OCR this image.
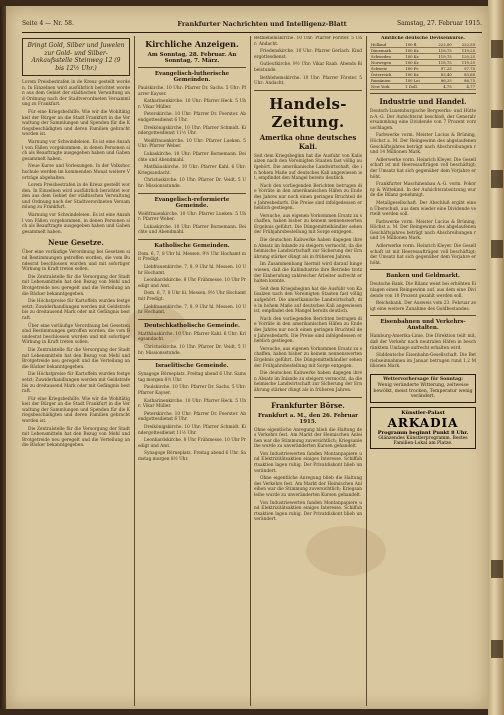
Seite 4 — Nr. 58.	Frankfurter Nachrichten und Intelligenz-Blatt	Samstag, 27. Februar 1915.
Bringt Gold, Silber und Juwelen zur Gold- und Silber-Ankaufsstelle Steinweg 12 (9 bis 12½ Uhr.)

Lorem Preisbestrafen in de Kreuz gestellt worden. In Einzelnen wird ausführlich berichtet worden aus dem Gebiet der städtischen Verwaltung und Ordnung nach der Stadtverordneten Versammlung zu Frankfurt.

Für eine Kriegsbeihilfe. Wie wir die Wohltätigkeit der Bürger an die Stadt Frankfurt in die Verwaltung der Sammlungen und Spenden für die Kriegsbeschädigten und deren Familien gebracht worden ist.

Warnung vor Schwindeleien. Es ist eine Anzahl von Fällen vorgekommen, in denen Personen sich als Beauftragte ausgegeben haben und Gaben gesammelt haben.

Neue Kurse und Vorlesungen. In der Volkshochschule werden im kommenden Monat weitere Vorträge abgehalten.

Lorem Preisbestrafen in de Kreuz gestellt worden. In Einzelnen wird ausführlich berichtet worden aus dem Gebiet der städtischen Verwaltung und Ordnung nach der Stadtverordneten Versammlung zu Frankfurt.

Warnung vor Schwindeleien. Es ist eine Anzahl von Fällen vorgekommen, in denen Personen sich als Beauftragte ausgegeben haben und Gaben gesammelt haben.

Neue Gesetze.

Über eine vorläufige Verordnung bei Gesetzen sind Bestimmungen getroffen worden, die vom Bundesrat beschlossen wurden und mit sofortiger Wirkung in Kraft treten sollen.

Die Zentralstelle für die Versorgung der Stadt mit Lebensmitteln hat den Bezug von Mehl und Brotgetreide neu geregelt und die Verteilung an die Bäcker bekanntgegeben.

Die Höchstpreise für Kartoffeln wurden festgesetzt; Zuwiderhandlungen werden mit Geldstrafe bis zu dreitausend Mark oder mit Gefängnis bestraft.

Über eine vorläufige Verordnung bei Gesetzen sind Bestimmungen getroffen worden, die vom Bundesrat beschlossen wurden und mit sofortiger Wirkung in Kraft treten sollen.

Die Zentralstelle für die Versorgung der Stadt mit Lebensmitteln hat den Bezug von Mehl und Brotgetreide neu geregelt und die Verteilung an die Bäcker bekanntgegeben.

Die Höchstpreise für Kartoffeln wurden festgesetzt; Zuwiderhandlungen werden mit Geldstrafe bis zu dreitausend Mark oder mit Gefängnis bestraft.

Für eine Kriegsbeihilfe. Wie wir die Wohltätigkeit der Bürger an die Stadt Frankfurt in die Verwaltung der Sammlungen und Spenden für die Kriegsbeschädigten und deren Familien gebracht worden ist.

Die Zentralstelle für die Versorgung der Stadt mit Lebensmitteln hat den Bezug von Mehl und Brotgetreide neu geregelt und die Verteilung an die Bäcker bekanntgegeben.

Kirchliche Anzeigen.
Am Sonntag, 28. Februar. An Sonntag, 7. März.
Evangelisch-lutherische Gemeinden.

Paulskirche. 10 Uhr: Pfarrer Dr. Sachs. 5 Uhr: Pfarrer Kayser.

Katharinenkirche. 10 Uhr: Pfarrer Heck. 5 Uhr: Vikar Müller.

Peterskirche. 10 Uhr: Pfarrer Dr. Foerster. Abendgottesdienst 6 Uhr.

Dreikönigskirche. 10 Uhr: Pfarrer Schmidt. Kindergottesdienst 11½ Uhr.

Weißfrauenkirche. 10 Uhr: Pfarrer Lueken. 5 Uhr: Pfarrer Weber.

Lukaskirche. 10 Uhr: Pfarrer Bornemann. Beichte und Abendmahl.

Matthäuskirche. 10 Uhr: Pfarrer Kahl. 6 Uhr: Kriegsandacht.

Christuskirche. 10 Uhr: Pfarrer Dr. Veidt. 5 Uhr: Missionsstunde.

Evangelisch-reformierte Gemeinde.

Weißfrauenkirche. 10 Uhr: Pfarrer Lueken. 5 Uhr: Pfarrer Weber.

Lukaskirche. 10 Uhr: Pfarrer Bornemann. Beichte und Abendmahl.

Katholische Gemeinden.

Dom. 6, 7, 8 Uhr hl. Messen. 9½ Uhr Hochamt mit Predigt.

Liebfrauenkirche. 7, 8, 9 Uhr hl. Messen. 10 Uhr Hochamt.

Leonhardskirche. 8 Uhr Frühmesse. 10 Uhr Predigt und Amt.

Dom. 6, 7, 8 Uhr hl. Messen. 9½ Uhr Hochamt mit Predigt.

Liebfrauenkirche. 7, 8, 9 Uhr hl. Messen. 10 Uhr Hochamt.

Deutschkatholische Gemeinde.

Matthäuskirche. 10 Uhr: Pfarrer Kahl. 6 Uhr: Kriegsandacht.

Christuskirche. 10 Uhr: Pfarrer Dr. Veidt. 5 Uhr: Missionsstunde.

Israelitische Gemeinde.

Synagoge Börneplatz. Freitag abend 6 Uhr. Samstag morgen 8½ Uhr.

Paulskirche. 10 Uhr: Pfarrer Dr. Sachs. 5 Uhr: Pfarrer Kayser.

Katharinenkirche. 10 Uhr: Pfarrer Heck. 5 Uhr: Vikar Müller.

Peterskirche. 10 Uhr: Pfarrer Dr. Foerster. Abendgottesdienst 6 Uhr.

Dreikönigskirche. 10 Uhr: Pfarrer Schmidt. Kindergottesdienst 11½ Uhr.

Leonhardskirche. 8 Uhr Frühmesse. 10 Uhr Predigt und Amt.

Synagoge Börneplatz. Freitag abend 6 Uhr. Samstag morgen 8½ Uhr.

Bethlehemskirche. 10 Uhr: Pfarrer Förster. 5 Uhr: Andacht.

Friedenskirche. 10 Uhr: Pfarrer Gerlach. Kindergottesdienst.

Gutleutkirche. 9½ Uhr: Vikar Raab. Abends Bibelstunde.

Bethlehemskirche. 10 Uhr: Pfarrer Förster. 5 Uhr: Andacht.

Handels-Zeitung.
Amerika ohne deutsches Kali.

Seit dem Kriegsbeginn hat die Ausfuhr von Kalisalzen nach den Vereinigten Staaten fast völlig aufgehört. Die amerikanische Landwirtschaft, die in hohem Maße auf deutsches Kali angewiesen ist, empfindet den Mangel bereits deutlich.

Nach den vorliegenden Berichten betrugen die Vorräte in den amerikanischen Häfen zu Ende des Jahres nur noch einen geringen Bruchteil des Jahresbedarfs. Die Preise sind infolgedessen erheblich gestiegen.

Versuche, aus eigenen Vorkommen Ersatz zu schaffen, haben bisher zu keinem nennenswerten Ergebnis geführt. Die Düngemittelhändler sehen der Frühjahrsbestellung mit Sorge entgegen.

Die deutschen Kaliwerke haben dagegen ihren Absatz im Inlande zu steigern vermocht, da die heimische Landwirtschaft zur Sicherung der Ernährung stärker düngt als in früheren Jahren.

Im Zusammenhang hiermit wird darauf hingewiesen, daß die Kaliindustrie ihre Betriebe trotz der Einberufung zahlreicher Arbeiter aufrecht erhalten konnte.

Seit dem Kriegsbeginn hat die Ausfuhr von Kalisalzen nach den Vereinigten Staaten fast völlig aufgehört. Die amerikanische Landwirtschaft, die in hohem Maße auf deutsches Kali angewiesen ist, empfindet den Mangel bereits deutlich.

Nach den vorliegenden Berichten betrugen die Vorräte in den amerikanischen Häfen zu Ende des Jahres nur noch einen geringen Bruchteil des Jahresbedarfs. Die Preise sind infolgedessen erheblich gestiegen.

Versuche, aus eigenen Vorkommen Ersatz zu schaffen, haben bisher zu keinem nennenswerten Ergebnis geführt. Die Düngemittelhändler sehen der Frühjahrsbestellung mit Sorge entgegen.

Die deutschen Kaliwerke haben dagegen ihren Absatz im Inlande zu steigern vermocht, da die heimische Landwirtschaft zur Sicherung der Ernährung stärker düngt als in früheren Jahren.

Frankfurter Börse.
Frankfurt a. M., den 26. Februar 1915.

Ohne eigentliche Anregung blieb die Haltung des Verkehrs fest. Am Markt der Heimischen Anleihen war die Stimmung zuversichtlich; Kriegsanleihe wurde zu unveränderten Kursen gehandelt.

Von Industriewerten fanden Montanpapiere und Elektrizitätsaktien einiges Interesse. Schiffahrtsaktien lagen ruhig. Der Privatdiskont blieb unverändert.

Ohne eigentliche Anregung blieb die Haltung des Verkehrs fest. Am Markt der Heimischen Anleihen war die Stimmung zuversichtlich; Kriegsanleihe wurde zu unveränderten Kursen gehandelt.

Von Industriewerten fanden Montanpapiere und Elektrizitätsaktien einiges Interesse. Schiffahrtsaktien lagen ruhig. Der Privatdiskont blieb unverändert.

Amtliche deutsche Devisenkurse.
Holland	100 fl.	222,00	222,50
Dänemark	100 Kr.	118,75	119,25
Schweden	100 Kr.	119,75	120,25
Norwegen	100 Kr.	118,75	119,25
Schweiz	100 Fr.	97,25	97,75
Österreich	100 Kr.	83,40	83,60
Rumänien	100 Lei	86,25	86,75
New York	1 Doll.	4,75	4,77
Industrie und Handel.

Deutsch-Luxemburgische Bergwerks- und Hütten-A.-G. Der Aufsichtsrat beschloß, der Generalversammlung eine Dividende von 7 Prozent vorzuschlagen.

Farbwerke vorm. Meister Lucius & Brüning, Höchst a. M. Der Reingewinn des abgelaufenen Geschäftsjahres beträgt nach Abschreibungen rund 14 Millionen Mark.

Adlerwerke vorm. Heinrich Kleyer. Die Gesellschaft ist mit Heeresaufträgen voll beschäftigt; der Umsatz hat sich gegenüber dem Vorjahre erhöht.

Frankfurter Maschinenbau A.-G. vorm. Pokorny & Wittekind. In der Aufsichtsratssitzung wurde die Bilanz genehmigt.

Metallgesellschaft. Der Abschluß ergibt einen Überschuß, aus dem wieder eine Dividende verteilt werden soll.

Farbwerke vorm. Meister Lucius & Brüning, Höchst a. M. Der Reingewinn des abgelaufenen Geschäftsjahres beträgt nach Abschreibungen rund 14 Millionen Mark.

Adlerwerke vorm. Heinrich Kleyer. Die Gesellschaft ist mit Heeresaufträgen voll beschäftigt; der Umsatz hat sich gegenüber dem Vorjahre erhöht.

Banken und Geldmarkt.

Deutsche Bank. Die Bilanz weist bei erhöhten Einlagen einen Reingewinn auf, aus dem eine Dividende von 10 Prozent gezahlt werden soll.

Reichsbank. Der Ausweis vom 23. Februar zeigt eine weitere Zunahme des Goldbestandes.

Eisenbahnen und Verkehrs-Anstalten.

Hamburg-Amerika-Linie. Die Direktion teilt mit, daß der Verkehr nach neutralen Häfen in beschränktem Umfange aufrecht erhalten wird.

Süddeutsche Eisenbahn-Gesellschaft. Die Betriebseinnahmen im Januar betrugen rund 1,2 Millionen Mark.

Wettervorhersage für Sonntag:
Wenig veränderte Witterung, zeitweise bewölkt, meist trocken, Temperatur wenig verändert.
Künstler-Palast
ARKADIA
Programm beginnt Punkt 8 Uhr.
Glänzendes Künstlerprogramm. Bestes Familien-Lokal am Platze.
